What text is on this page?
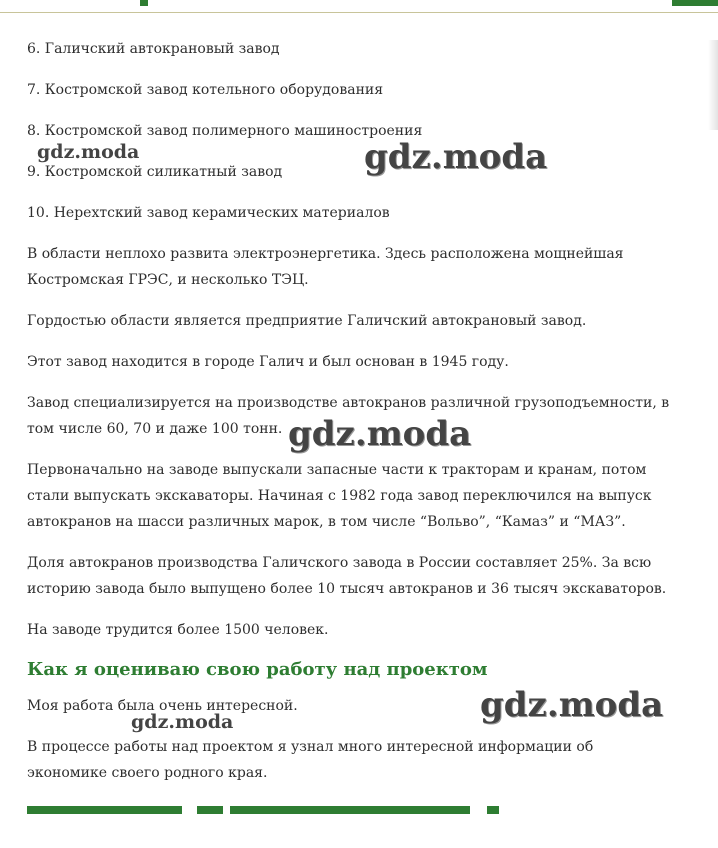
6. Галичский автокрановый завод

7. Костромской завод котельного оборудования

8. Костромской завод полимерного машиностроения

9. Костромской силикатный завод

10. Нерехтский завод керамических материалов

В области неплохо развита электроэнергетика. Здесь расположена мощнейшая Костромская ГРЭС, и несколько ТЭЦ.

Гордостью области является предприятие Галичский автокрановый завод.

Этот завод находится в городе Галич и был основан в 1945 году.

Завод специализируется на производстве автокранов различной грузоподъемности, в том числе 60, 70 и даже 100 тонн.

Первоначально на заводе выпускали запасные части к тракторам и кранам, потом стали выпускать экскаваторы. Начиная с 1982 года завод переключился на выпуск автокранов на шасси различных марок, в том числе “Вольво”, “Камаз” и “МАЗ”.

Доля автокранов производства Галичского завода в России составляет 25%. За всю историю завода было выпущено более 10 тысяч автокранов и 36 тысяч экскаваторов.

На заводе трудится более 1500 человек.

Как я оцениваю свою работу над проектом

Моя работа была очень интересной.

В процессе работы над проектом я узнал много интересной информации об экономике своего родного края.

gdz.moda	gdz.moda
gdz.moda
gdz.moda
gdz.moda
